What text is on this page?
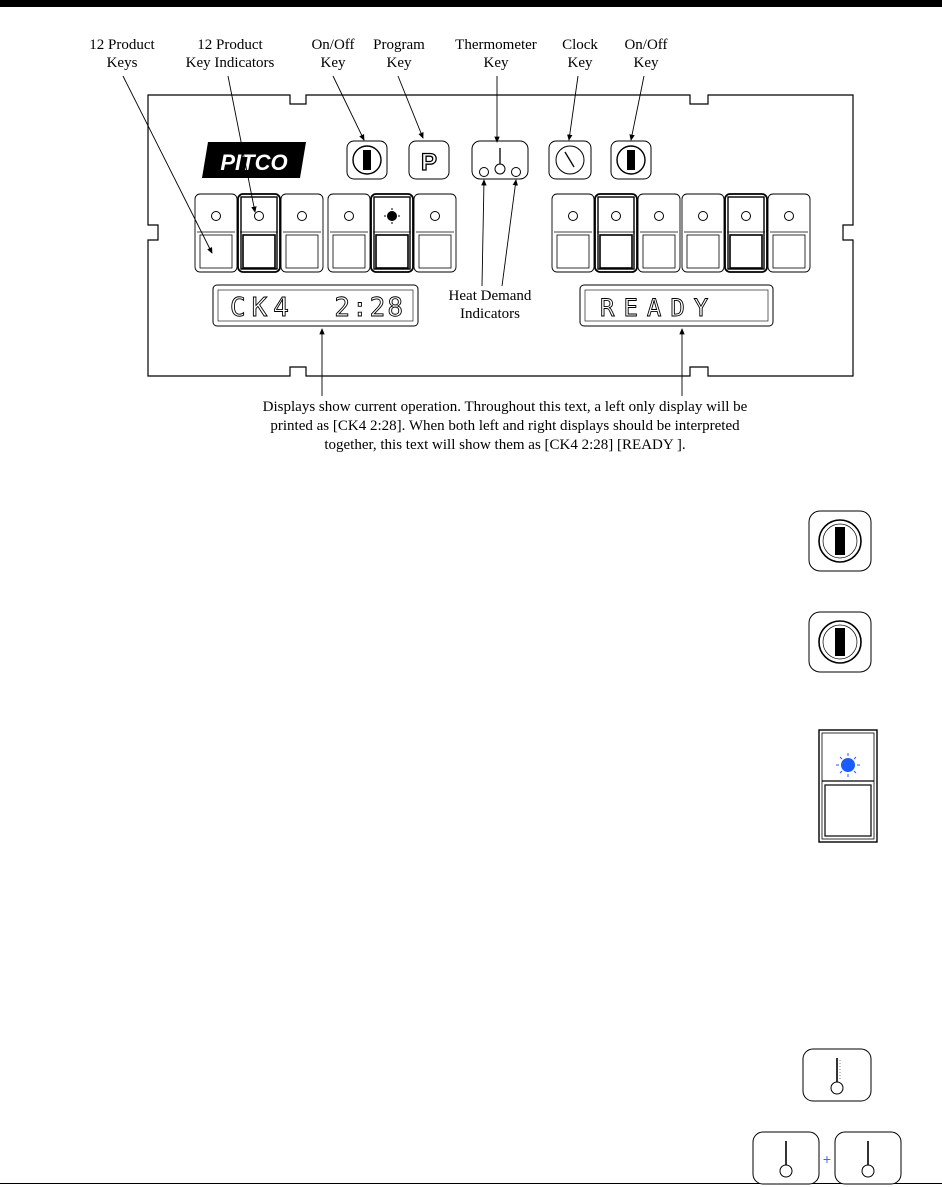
12 Product
Keys
12 Product
Key Indicators
On/Off
Key
Program
Key
Thermometer
Key
Clock
Key
On/Off
Key
Heat Demand
Indicators
PITCO	P
CK4 2:28	READY
Displays show current operation. Throughout this text, a left only display will be
printed as [CK4 2:28]. When both left and right displays should be interpreted
together, this text will show them as [CK4 2:28] [READY ].
+
